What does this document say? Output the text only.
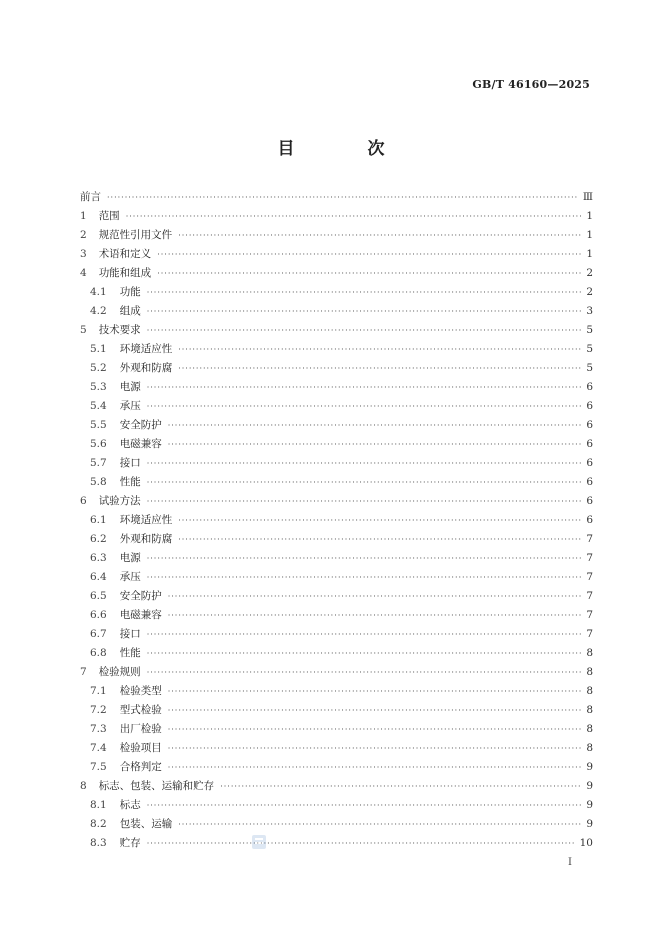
GB/T 46160—2025
目　次
前言 ·····	Ⅲ
1 范围 ·····	1
2 规范性引用文件 ·····	1
3 术语和定义 ·····	1
4 功能和组成 ·····	2
4.1 功能 ·····	2
4.2 组成 ·····	3
5 技术要求 ·····	5
5.1 环境适应性 ·····	5
5.2 外观和防腐 ·····	5
5.3 电源 ·····	6
5.4 承压 ·····	6
5.5 安全防护 ·····	6
5.6 电磁兼容 ·····	6
5.7 接口 ·····	6
5.8 性能 ·····	6
6 试验方法 ·····	6
6.1 环境适应性 ·····	6
6.2 外观和防腐 ·····	7
6.3 电源 ·····	7
6.4 承压 ·····	7
6.5 安全防护 ·····	7
6.6 电磁兼容 ·····	7
6.7 接口 ·····	7
6.8 性能 ·····	8
7 检验规则 ·····	8
7.1 检验类型 ·····	8
7.2 型式检验 ·····	8
7.3 出厂检验 ·····	8
7.4 检验项目 ·····	8
7.5 合格判定 ·····	9
8 标志、包装、运输和贮存 ·····	9
8.1 标志 ·····	9
8.2 包装、运输 ·····	9
8.3 贮存 ·····	10
I
